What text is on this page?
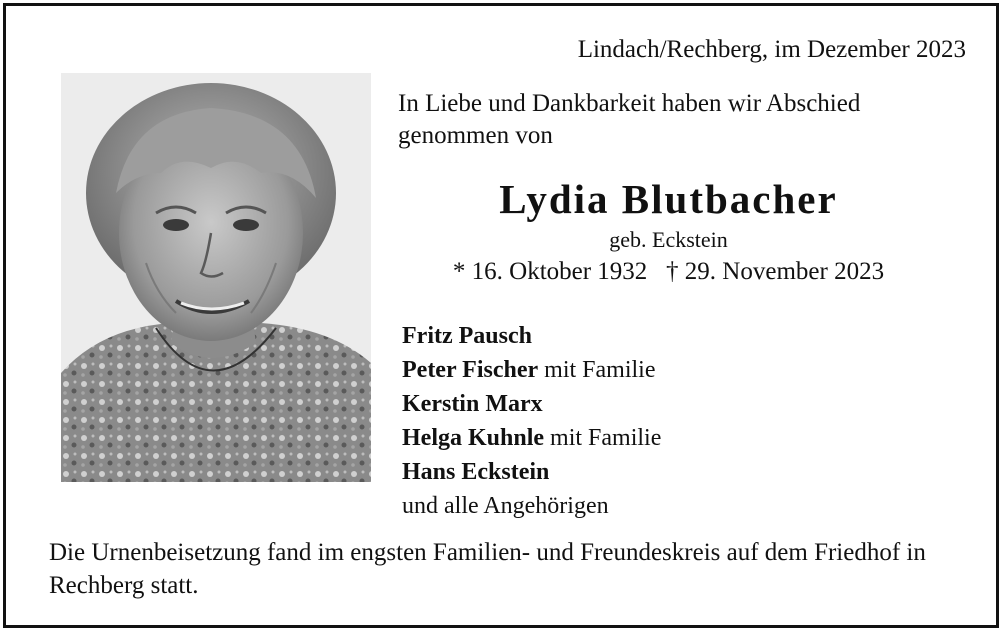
Lindach/Rechberg, im Dezember 2023
In Liebe und Dankbarkeit haben wir Abschied
genommen von
Lydia Blutbacher
geb. Eckstein
* 16. Oktober 1932   † 29. November 2023
Fritz Pausch
Peter Fischer mit Familie
Kerstin Marx
Helga Kuhnle mit Familie
Hans Eckstein
und alle Angehörigen
Die Urnenbeisetzung fand im engsten Familien- und Freundeskreis auf dem Friedhof in Rechberg statt.
